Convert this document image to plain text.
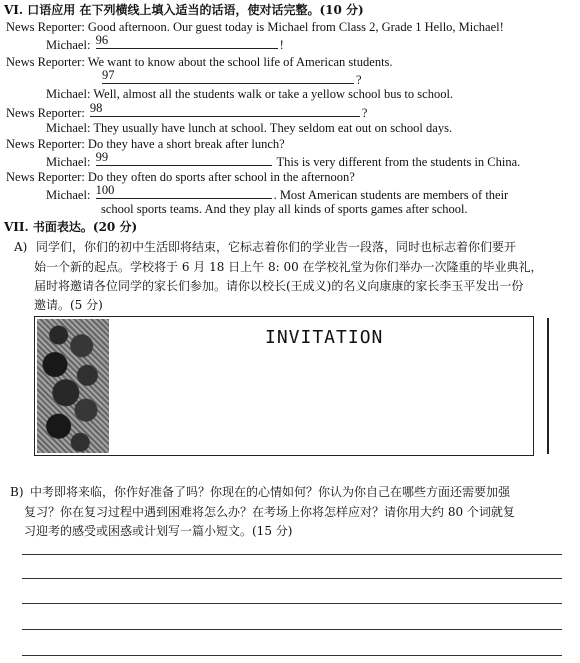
VI. 口语应用 在下列横线上填入适当的话语，使对话完整。(10 分)
News Reporter: Good afternoon. Our guest today is Michael from Class 2, Grade 1 Hello, Michael!
Michael: 96	!
News Reporter: We want to know about the school life of American students.
97	?
Michael: Well, almost all the students walk or take a yellow school bus to school.
News Reporter: 98	?
Michael: They usually have lunch at school. They seldom eat out on school days.
News Reporter: Do they have a short break after lunch?
Michael: 99	This is very different from the students in China.
News Reporter: Do they often do sports after school in the afternoon?
Michael: 100	. Most American students are members of their
school sports teams. And they play all kinds of sports games after school.
VII. 书面表达。(20 分)
A) 同学们，你们的初中生活即将结束，它标志着你们的学业告一段落，同时也标志着你们要开
始一个新的起点。学校将于 6 月 18 日上午 8: 00 在学校礼堂为你们举办一次隆重的毕业典礼，
届时将邀请各位同学的家长们参加。请你以校长(王成义)的名义向康康的家长李玉平发出一份
邀请。(5 分)
INVITATION
B) 中考即将来临，你作好准备了吗？你现在的心情如何？你认为你自己在哪些方面还需要加强
复习？你在复习过程中遇到困难将怎么办？在考场上你将怎样应对？请你用大约 80 个词就复
习迎考的感受或困惑或计划写一篇小短文。(15 分)
